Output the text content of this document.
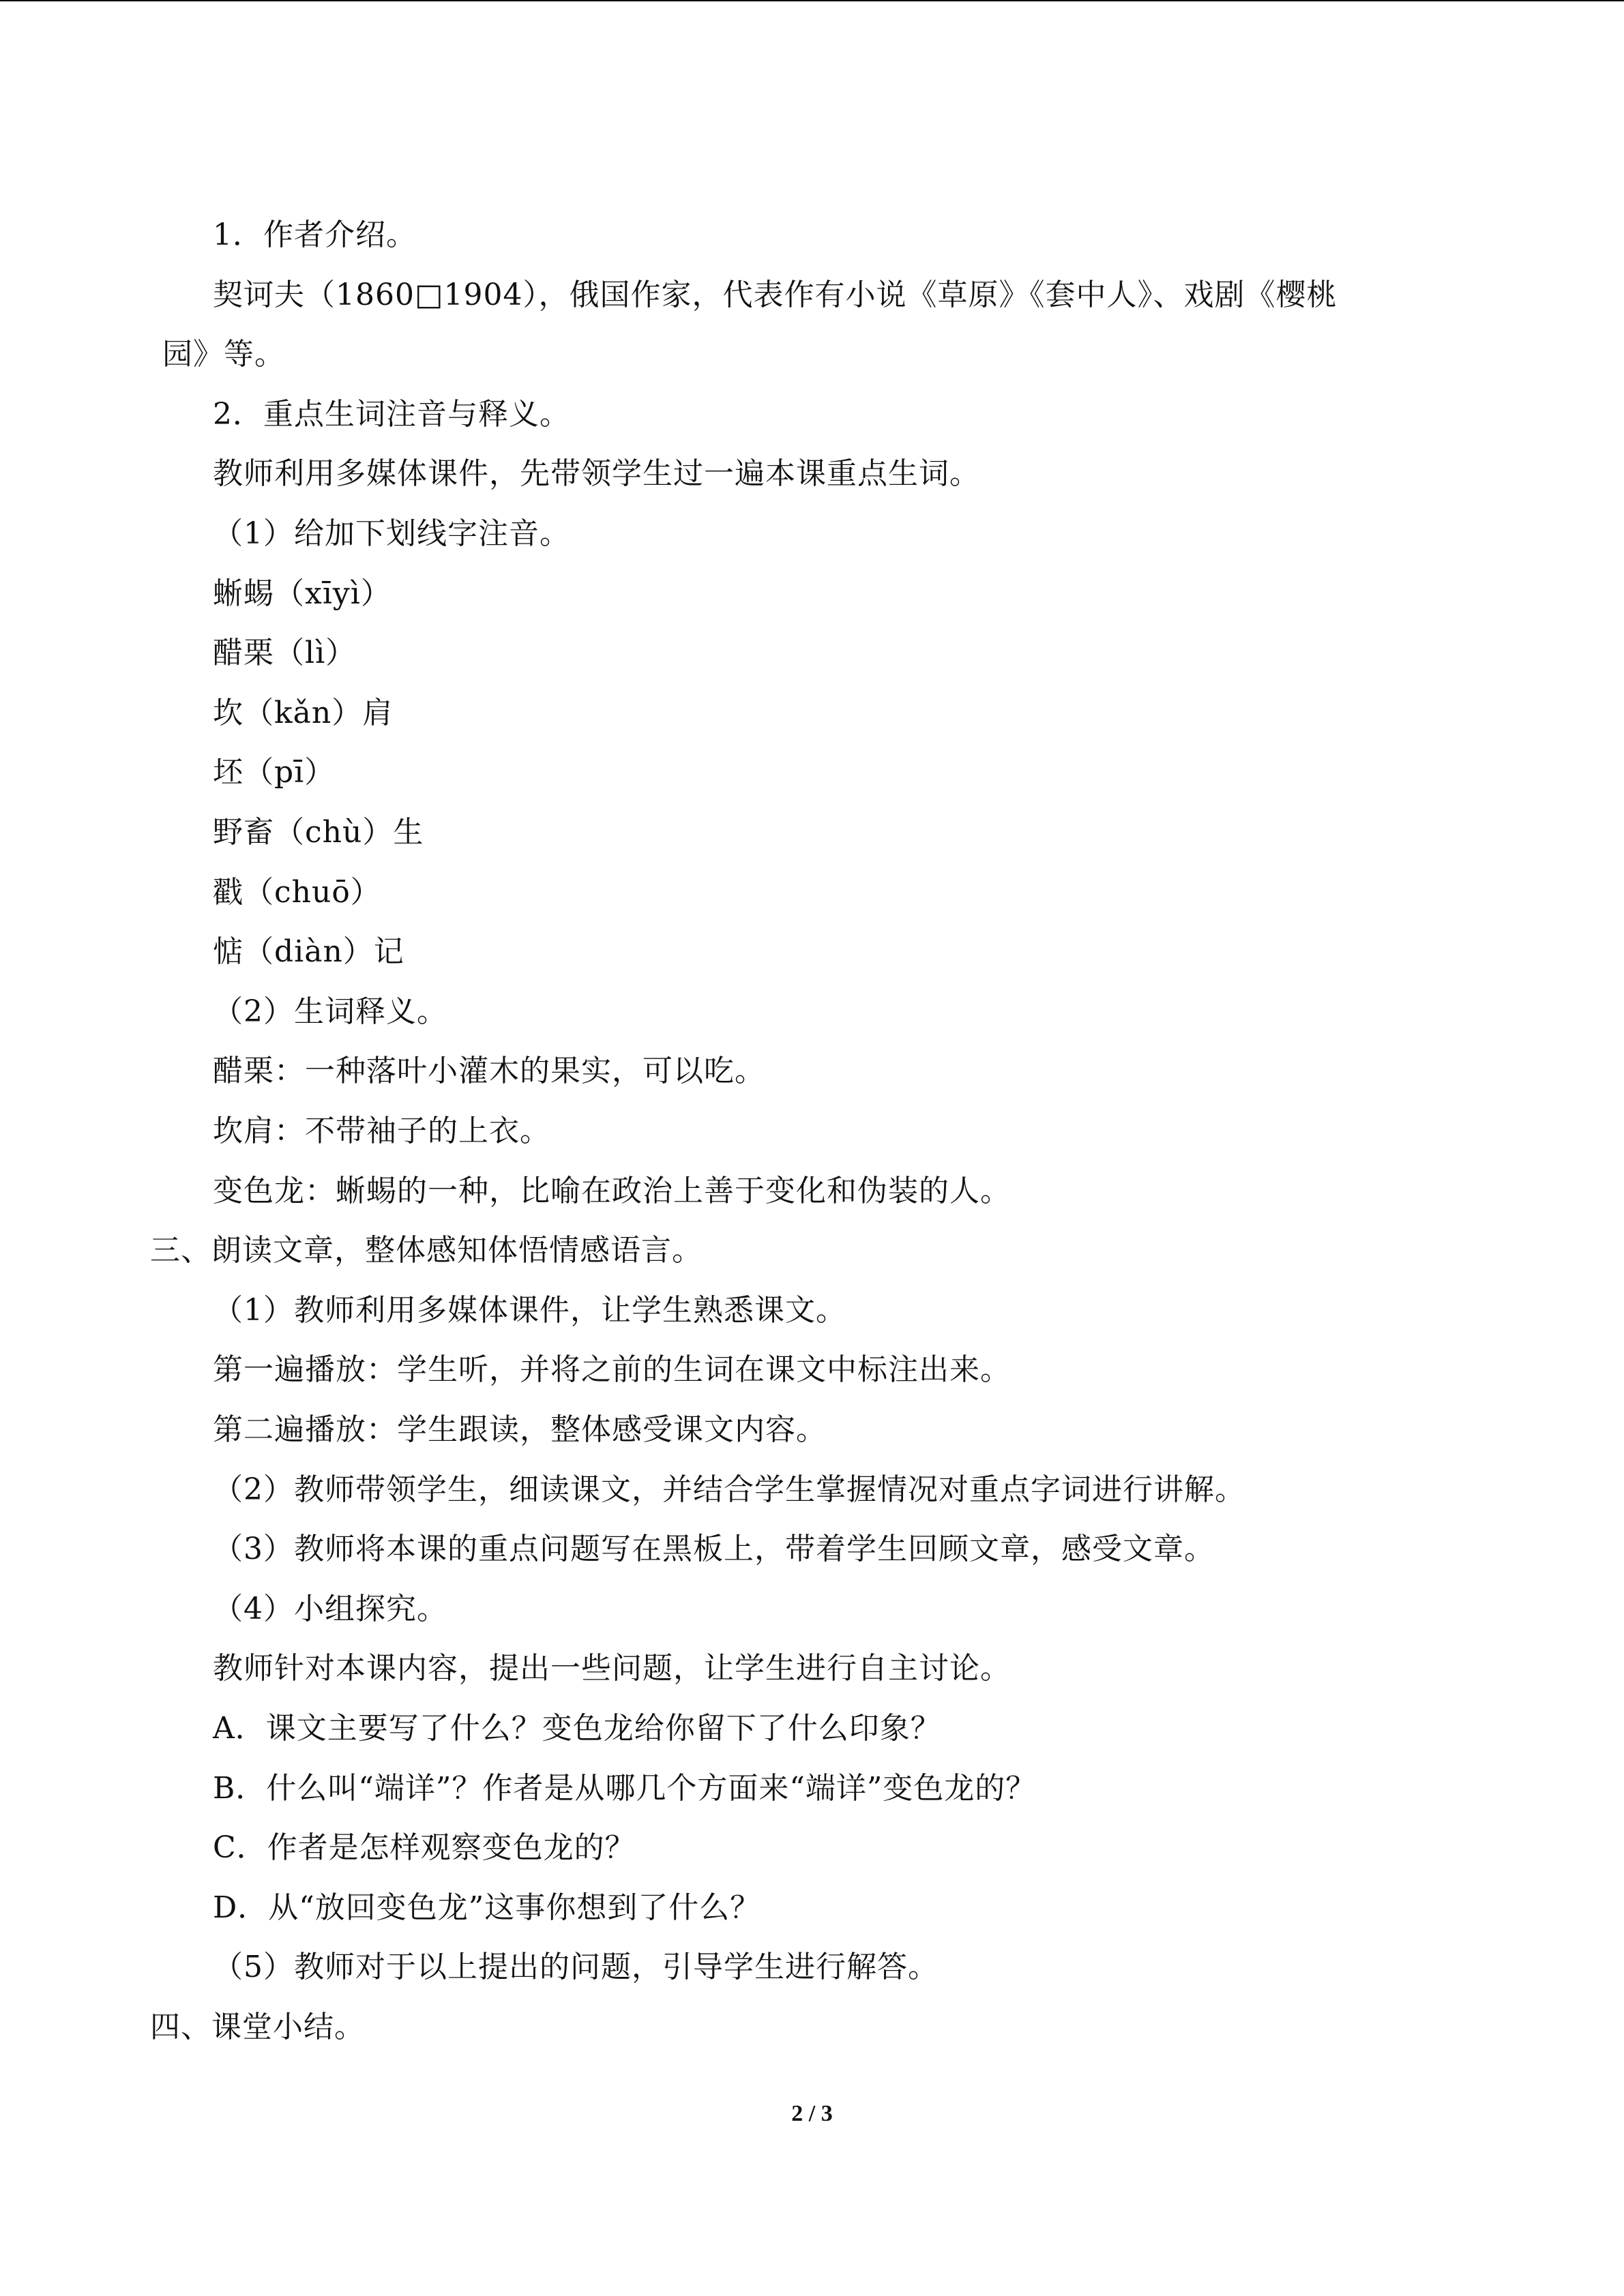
1．作者介绍。
契诃夫（1860□1904），俄国作家，代表作有小说《草原》《套中人》、戏剧《樱桃
园》等。
2．重点生词注音与释义。
教师利用多媒体课件，先带领学生过一遍本课重点生词。
（1）给加下划线字注音。
蜥蜴（xīyì）
醋栗（lì）
坎（kǎn）肩
坯（pī）
野畜（chù）生
戳（chuō）
惦（diàn）记
（2）生词释义。
醋栗：一种落叶小灌木的果实，可以吃。
坎肩：不带袖子的上衣。
变色龙：蜥蜴的一种，比喻在政治上善于变化和伪装的人。
三、朗读文章，整体感知体悟情感语言。
（1）教师利用多媒体课件，让学生熟悉课文。
第一遍播放：学生听，并将之前的生词在课文中标注出来。
第二遍播放：学生跟读，整体感受课文内容。
（2）教师带领学生，细读课文，并结合学生掌握情况对重点字词进行讲解。
（3）教师将本课的重点问题写在黑板上，带着学生回顾文章，感受文章。
（4）小组探究。
教师针对本课内容，提出一些问题，让学生进行自主讨论。
A．课文主要写了什么？变色龙给你留下了什么印象？
B．什么叫“端详”？作者是从哪几个方面来“端详”变色龙的？
C．作者是怎样观察变色龙的？
D．从“放回变色龙”这事你想到了什么？
（5）教师对于以上提出的问题，引导学生进行解答。
四、课堂小结。
2 / 3
